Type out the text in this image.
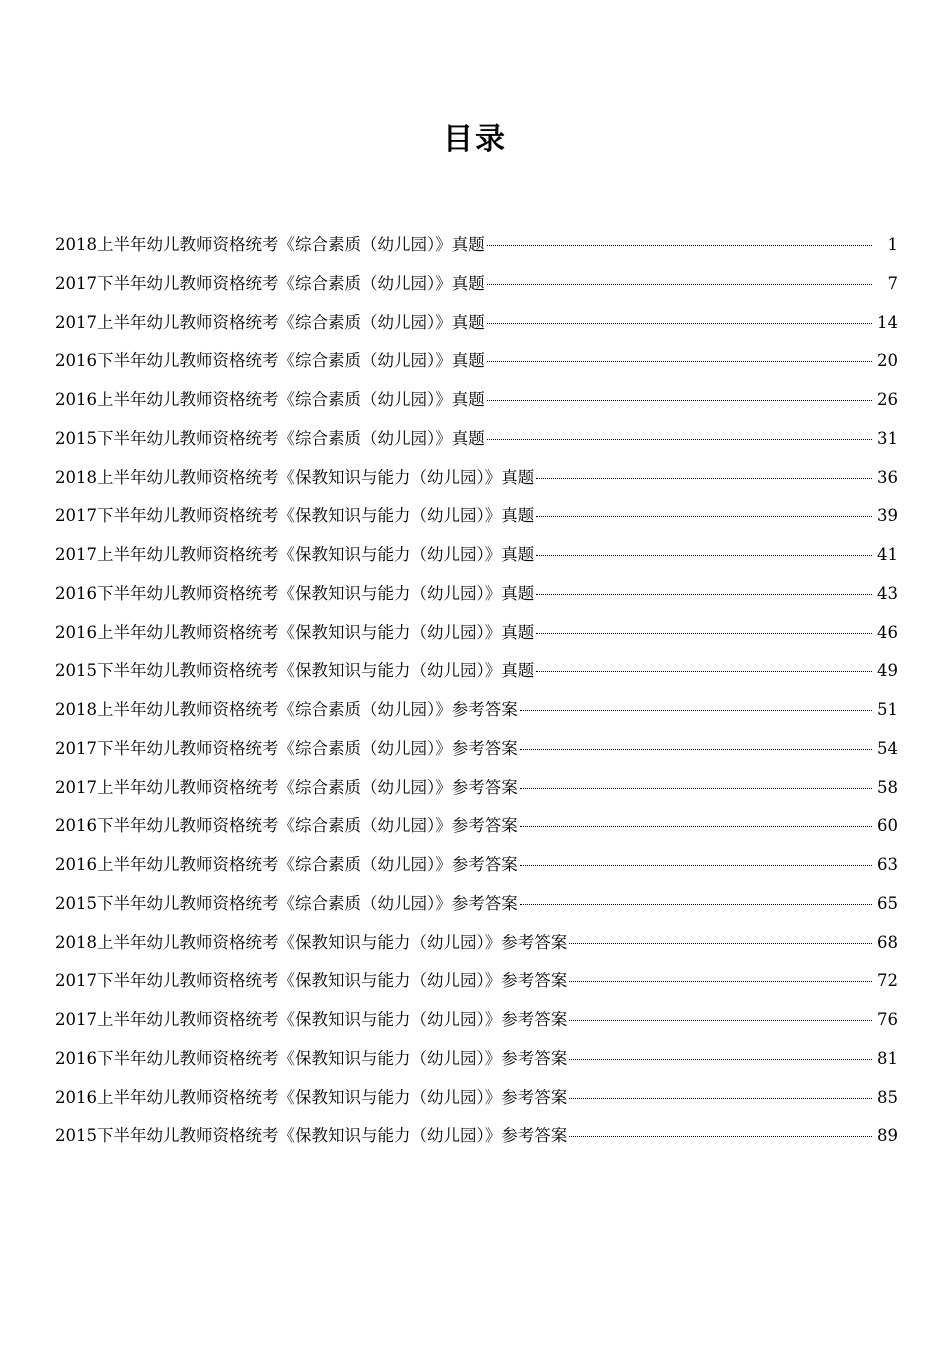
目录
2018上半年幼儿教师资格统考《综合素质（幼儿园）》真题	1
2017下半年幼儿教师资格统考《综合素质（幼儿园）》真题	7
2017上半年幼儿教师资格统考《综合素质（幼儿园）》真题	14
2016下半年幼儿教师资格统考《综合素质（幼儿园）》真题	20
2016上半年幼儿教师资格统考《综合素质（幼儿园）》真题	26
2015下半年幼儿教师资格统考《综合素质（幼儿园）》真题	31
2018上半年幼儿教师资格统考《保教知识与能力（幼儿园）》真题	36
2017下半年幼儿教师资格统考《保教知识与能力（幼儿园）》真题	39
2017上半年幼儿教师资格统考《保教知识与能力（幼儿园）》真题	41
2016下半年幼儿教师资格统考《保教知识与能力（幼儿园）》真题	43
2016上半年幼儿教师资格统考《保教知识与能力（幼儿园）》真题	46
2015下半年幼儿教师资格统考《保教知识与能力（幼儿园）》真题	49
2018上半年幼儿教师资格统考《综合素质（幼儿园）》参考答案	51
2017下半年幼儿教师资格统考《综合素质（幼儿园）》参考答案	54
2017上半年幼儿教师资格统考《综合素质（幼儿园）》参考答案	58
2016下半年幼儿教师资格统考《综合素质（幼儿园）》参考答案	60
2016上半年幼儿教师资格统考《综合素质（幼儿园）》参考答案	63
2015下半年幼儿教师资格统考《综合素质（幼儿园）》参考答案	65
2018上半年幼儿教师资格统考《保教知识与能力（幼儿园）》参考答案	68
2017下半年幼儿教师资格统考《保教知识与能力（幼儿园）》参考答案	72
2017上半年幼儿教师资格统考《保教知识与能力（幼儿园）》参考答案	76
2016下半年幼儿教师资格统考《保教知识与能力（幼儿园）》参考答案	81
2016上半年幼儿教师资格统考《保教知识与能力（幼儿园）》参考答案	85
2015下半年幼儿教师资格统考《保教知识与能力（幼儿园）》参考答案	89
